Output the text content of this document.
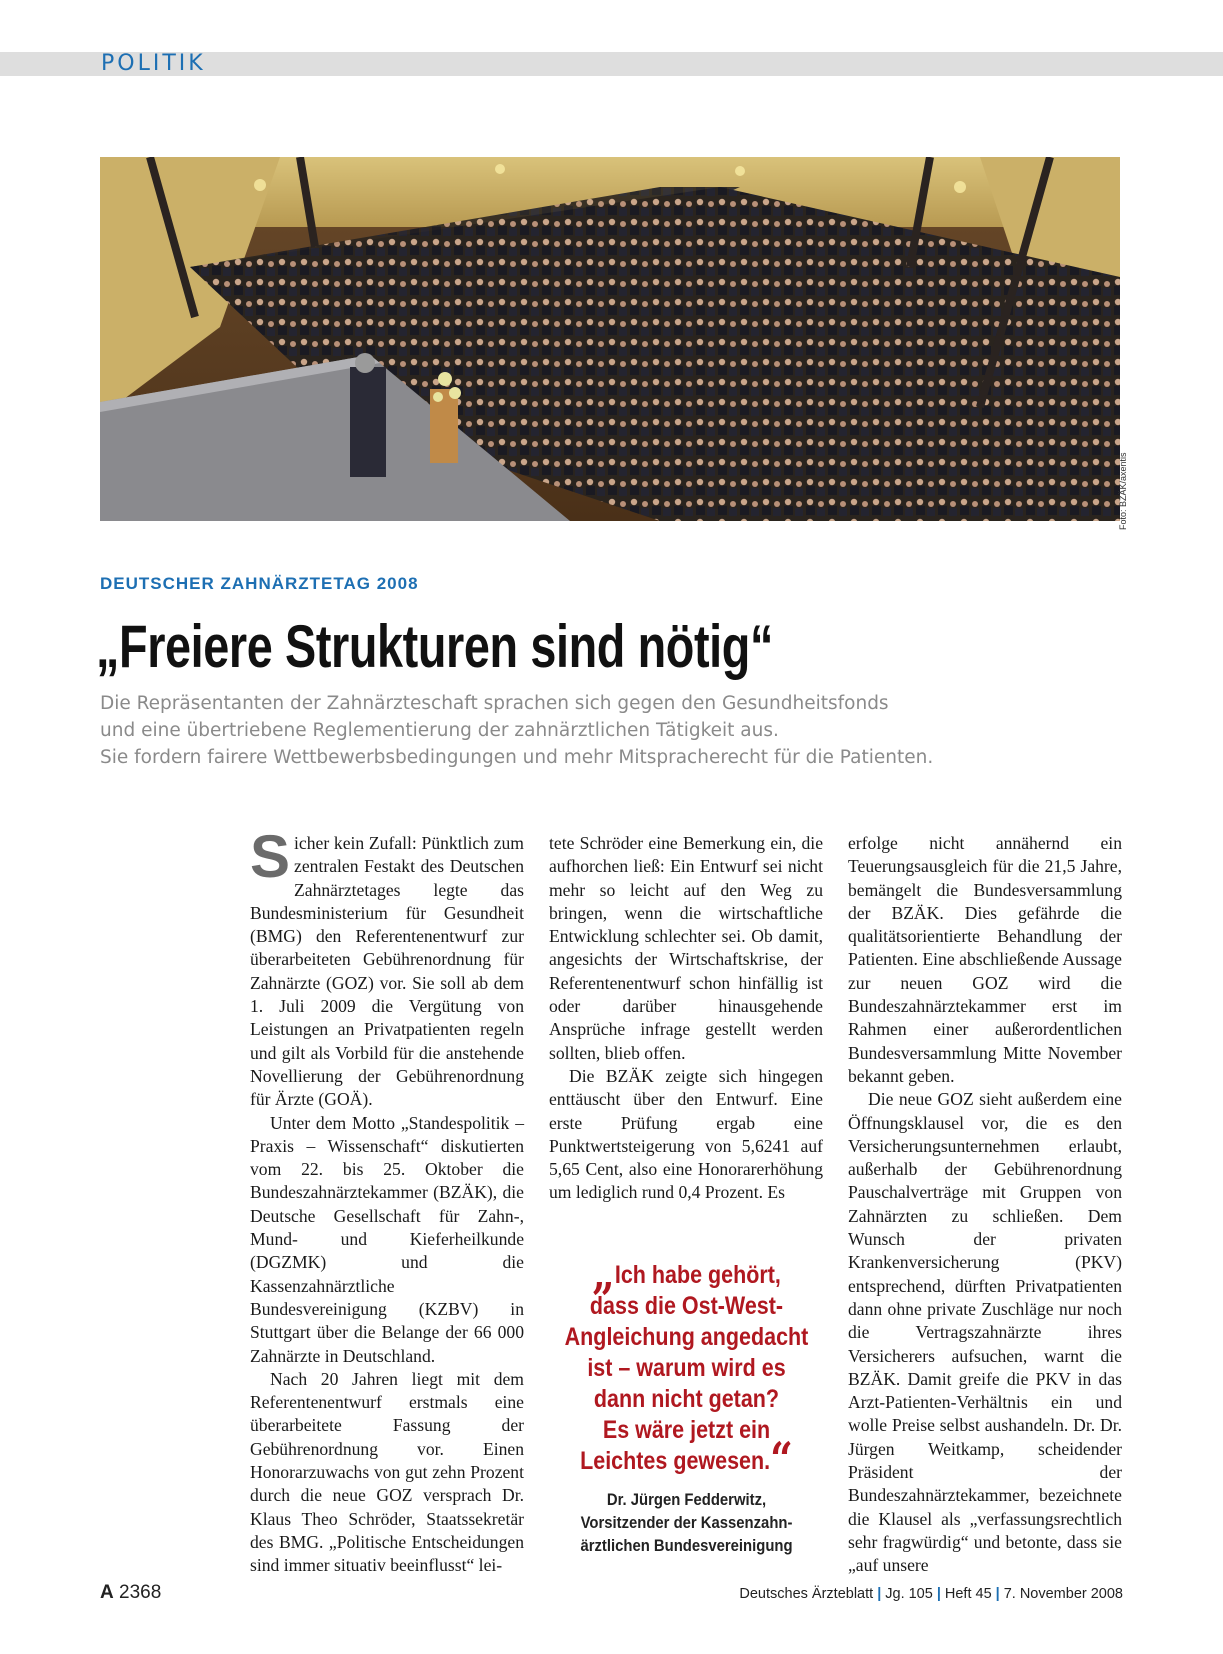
POLITIK
Foto: BZÄK/axentis
DEUTSCHER ZAHNÄRZTETAG 2008
„Freiere Strukturen sind nötig“
Die Repräsentanten der Zahnärzteschaft sprachen sich gegen den Gesundheitsfonds
und eine übertriebene Reglementierung der zahnärztlichen Tätigkeit aus.
Sie fordern fairere Wettbewerbsbedingungen und mehr Mitspracherecht für die Patienten.

Sicher kein Zufall: Pünktlich zum zentralen Festakt des Deutschen Zahnärztetages legte das Bundesministerium für Gesundheit (BMG) den Referentenentwurf zur überarbeiteten Gebührenordnung für Zahnärzte (GOZ) vor. Sie soll ab dem 1. Juli 2009 die Vergütung von Leistungen an Privatpatienten regeln und gilt als Vorbild für die anstehende Novellierung der Gebührenordnung für Ärzte (GOÄ).

Unter dem Motto „Standespolitik – Praxis – Wissenschaft“ diskutierten vom 22. bis 25. Oktober die Bundeszahnärztekammer (BZÄK), die Deutsche Gesellschaft für Zahn-, Mund- und Kieferheilkunde (DGZMK) und die Kassenzahnärztliche Bundesvereinigung (KZBV) in Stuttgart über die Belange der 66 000 Zahnärzte in Deutschland.

Nach 20 Jahren liegt mit dem Referentenentwurf erstmals eine überarbeitete Fassung der Gebührenordnung vor. Einen Honorarzuwachs von gut zehn Prozent durch die neue GOZ versprach Dr. Klaus Theo Schröder, Staatssekretär des BMG. „Politische Entscheidungen sind immer situativ beeinflusst“ lei-

tete Schröder eine Bemerkung ein, die aufhorchen ließ: Ein Entwurf sei nicht mehr so leicht auf den Weg zu bringen, wenn die wirtschaftliche Entwicklung schlechter sei. Ob damit, angesichts der Wirtschaftskrise, der Referentenentwurf schon hinfällig ist oder darüber hinausgehende Ansprüche infrage gestellt werden sollten, blieb offen.

Die BZÄK zeigte sich hingegen enttäuscht über den Entwurf. Eine erste Prüfung ergab eine Punktwertsteigerung von 5,6241 auf 5,65 Cent, also eine Honorarerhöhung um lediglich rund 0,4 Prozent. Es

„Ich habe gehört,
dass die Ost-West-
Angleichung angedacht
ist – warum wird es
dann nicht getan?
Es wäre jetzt ein
Leichtes gewesen.“
Dr. Jürgen Fedderwitz,
Vorsitzender der Kassenzahn-
ärztlichen Bundesvereinigung

erfolge nicht annähernd ein Teuerungsausgleich für die 21,5 Jahre, bemängelt die Bundesversammlung der BZÄK. Dies gefährde die qualitätsorientierte Behandlung der Patienten. Eine abschließende Aussage zur neuen GOZ wird die Bundeszahnärztekammer erst im Rahmen einer außerordentlichen Bundesversammlung Mitte November bekannt geben.

Die neue GOZ sieht außerdem eine Öffnungsklausel vor, die es den Versicherungsunternehmen erlaubt, außerhalb der Gebührenordnung Pauschalverträge mit Gruppen von Zahnärzten zu schließen. Dem Wunsch der privaten Krankenversicherung (PKV) entsprechend, dürften Privatpatienten dann ohne private Zuschläge nur noch die Vertragszahnärzte ihres Versicherers aufsuchen, warnt die BZÄK. Damit greife die PKV in das Arzt-Patienten-Verhältnis ein und wolle Preise selbst aushandeln. Dr. Dr. Jürgen Weitkamp, scheidender Präsident der Bundeszahnärztekammer, bezeichnete die Klausel als „verfassungsrechtlich sehr fragwürdig“ und betonte, dass sie „auf unsere

A 2368	Deutsches Ärzteblatt | Jg. 105 | Heft 45 | 7. November 2008
